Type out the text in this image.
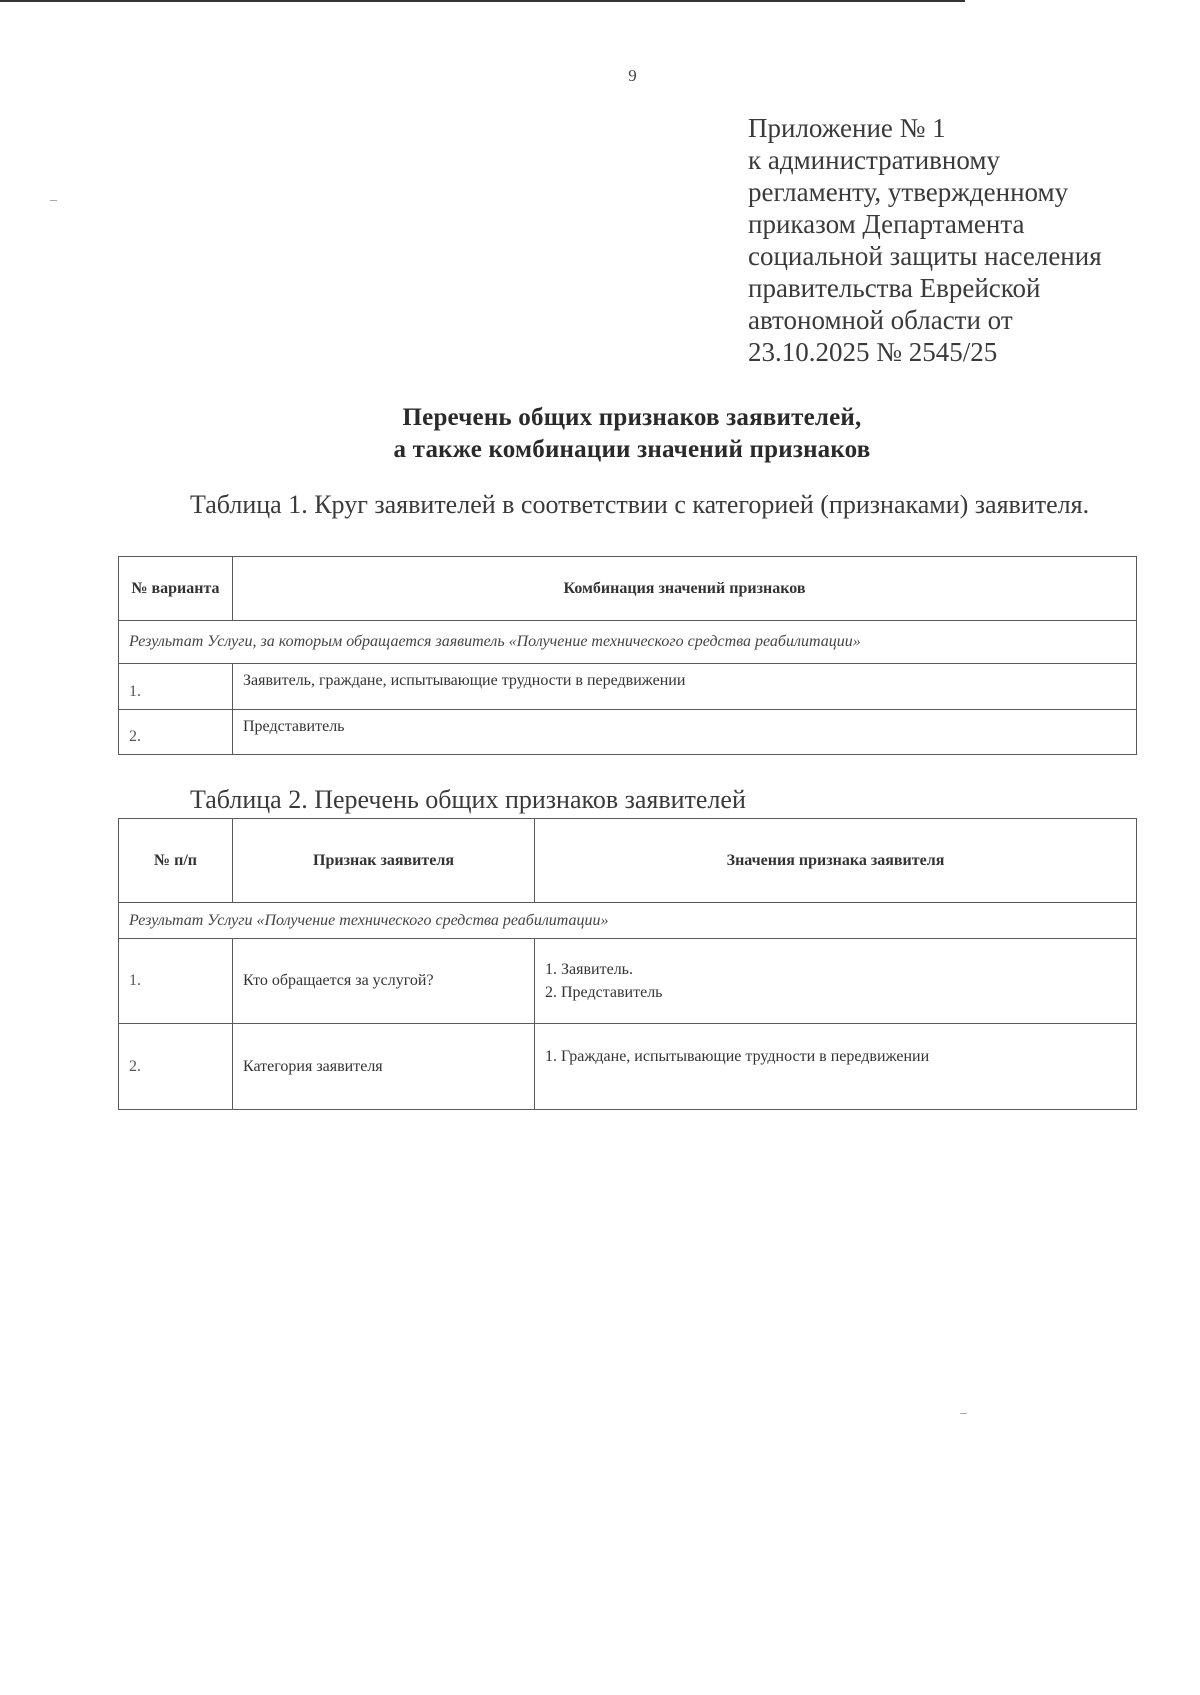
9
Приложение № 1
к административному
регламенту, утвержденному
приказом Департамента
социальной защиты населения
правительства Еврейской
автономной области от
23.10.2025 № 2545/25
Перечень общих признаков заявителей,
а также комбинации значений признаков
Таблица 1. Круг заявителей в соответствии с категорией (признаками) заявителя.
№ варианта	Комбинация значений признаков
Результат Услуги, за которым обращается заявитель «Получение технического средства реабилитации»	
1.	Заявитель, граждане, испытывающие трудности в передвижении
2.	Представитель
Таблица 2. Перечень общих признаков заявителей
№ п/п	Признак заявителя	Значения признака заявителя
Результат Услуги «Получение технического средства реабилитации»		
1.	Кто обращается за услугой?	1. Заявитель.
2. Представитель

2.	Категория заявителя	1. Граждане, испытывающие трудности в передвижении
